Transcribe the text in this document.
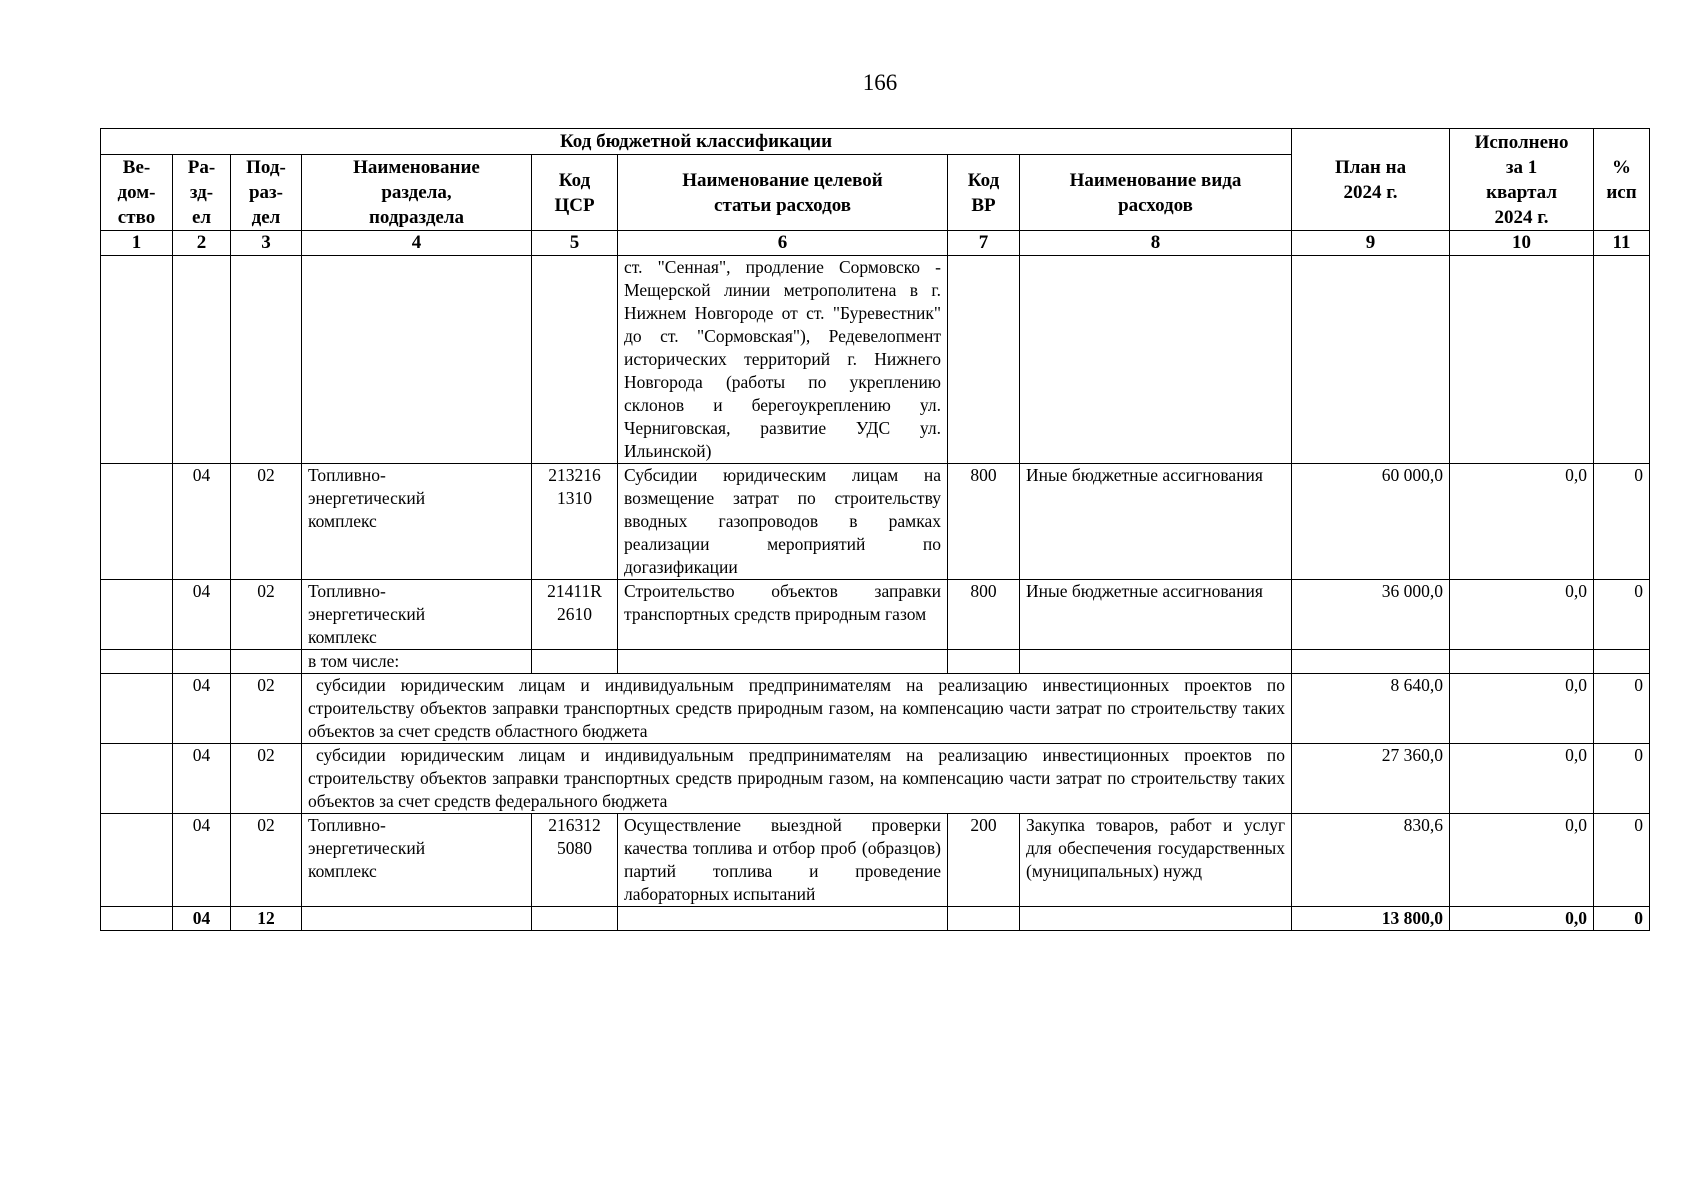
166
Код бюджетной классификации								План на
2024 г.	Исполнено
за 1
квартал
2024 г.	%
исп
Ве-
дом-
ство	Ра-
зд-
ел	Под-
раз-
дел	Наименование
раздела,
подраздела	Код
ЦСР	Наименование целевой
статьи расходов	Код
ВР	Наименование вида
расходов			
1	2	3	4	5	6	7	8	9	10	11
					ст. "Сенная", продление Сормовско - Мещерской линии метрополитена в г. Нижнем Новгороде от ст. "Буревестник" до ст. "Сормовская"), Редевелопмент исторических территорий г. Нижнего Новгорода (работы по укреплению склонов и берегоукреплению ул. Черниговская, развитие УДС ул. Ильинской)					
	04	02	Топливно-
энергетический
комплекс	213216
1310	Субсидии юридическим лицам на возмещение затрат по строительству вводных газопроводов в рамках реализации мероприятий по догазификации	800	Иные бюджетные ассигнования	60 000,0	0,0	0
	04	02	Топливно-
энергетический
комплекс	21411R
2610	Строительство объектов заправки транспортных средств природным газом	800	Иные бюджетные ассигнования	36 000,0	0,0	0
			в том числе:							
	04	02	субсидии юридическим лицам и индивидуальным предпринимателям на реализацию инвестиционных проектов по строительству объектов заправки транспортных средств природным газом, на компенсацию части затрат по строительству таких объектов за счет средств областного бюджета					8 640,0	0,0	0
	04	02	субсидии юридическим лицам и индивидуальным предпринимателям на реализацию инвестиционных проектов по строительству объектов заправки транспортных средств природным газом, на компенсацию части затрат по строительству таких объектов за счет средств федерального бюджета					27 360,0	0,0	0
	04	02	Топливно-
энергетический
комплекс	216312
5080	Осуществление выездной проверки качества топлива и отбор проб (образцов) партий топлива и проведение лабораторных испытаний	200	Закупка товаров, работ и услуг для обеспечения государственных (муниципальных) нужд	830,6	0,0	0
	04	12						13 800,0	0,0	0
